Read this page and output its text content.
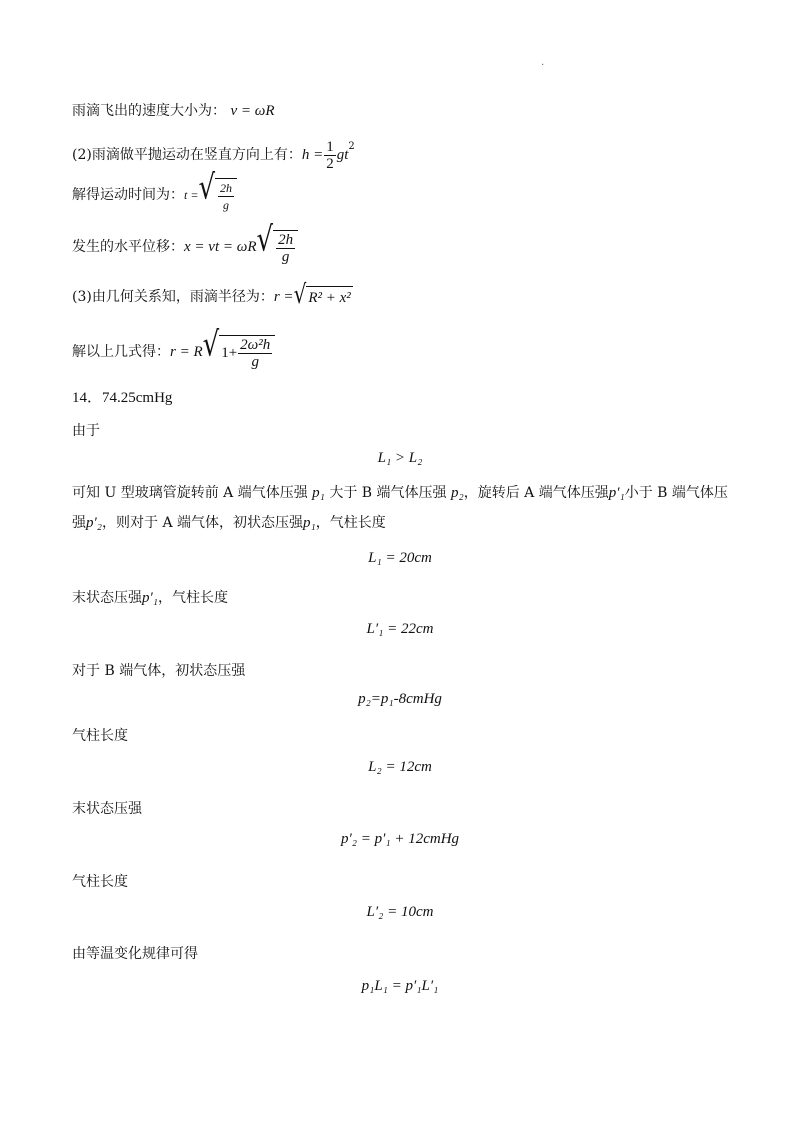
·
雨滴飞出的速度大小为： v = ωR
(2)雨滴做平抛运动在竖直方向上有： $h = \frac{1}{2}$ gt
$^2$
解得运动时间为： t = √ $\frac{2h}{g}$
发生的水平位移： x = vt = ωR √ $\frac{2h}{g}$
(3)由几何关系知，雨滴半径为： r = √ R² + x²
解以上几式得： r = R √ $1+ \frac{\text{2ω²h}}{g}$
14．74.25cmHg
由于
L₁ > L₂
可知 U 型玻璃管旋转前 A 端气体压强 p₁ 大于 B 端气体压强 p₂，旋转后 A 端气体压强p′₁小于 B 端气体压
强p′₂，则对于 A 端气体，初状态压强p₁，气柱长度
L₁ = 20cm
末状态压强p′₁，气柱长度
L′₁ = 22cm
对于 B 端气体，初状态压强
p₂=p₁-8cmHg
气柱长度
L₂ = 12cm
末状态压强
p′₂ = p′₁ + 12cmHg
气柱长度
L′₂ = 10cm
由等温变化规律可得
p₁L₁ = p′₁L′₁
